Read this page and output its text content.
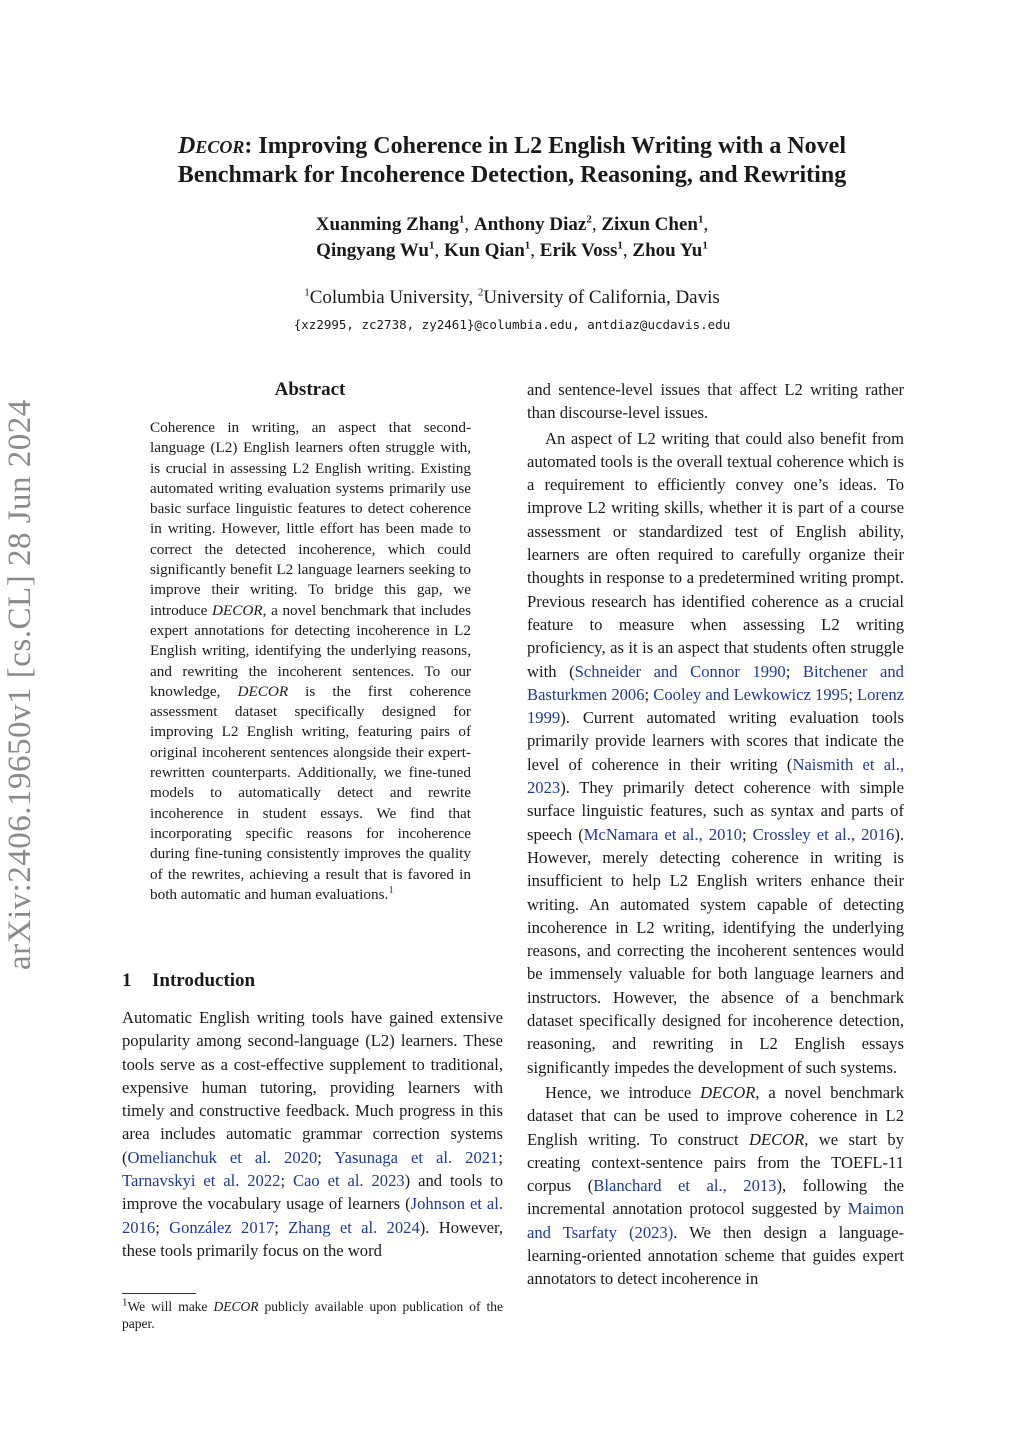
arXiv:2406.19650v1 [cs.CL] 28 Jun 2024
DECOR: Improving Coherence in L2 English Writing with a Novel
Benchmark for Incoherence Detection, Reasoning, and Rewriting
Xuanming Zhang$^1$, Anthony Diaz$^2$, Zixun Chen$^1$,
Qingyang Wu$^1$, Kun Qian$^1$, Erik Voss$^1$, Zhou Yu$^1$
$^1$Columbia University, $^2$University of California, Davis
{xz2995, zc2738, zy2461}@columbia.edu, antdiaz@ucdavis.edu
Abstract

Coherence in writing, an aspect that second-language (L2) English learners often struggle with, is crucial in assessing L2 English writing. Existing automated writing evaluation systems primarily use basic surface linguistic features to detect coherence in writing. However, little effort has been made to correct the detected incoherence, which could significantly benefit L2 language learners seeking to improve their writing. To bridge this gap, we introduce DECOR, a novel benchmark that includes expert annotations for detecting incoherence in L2 English writing, identifying the underlying reasons, and rewriting the incoherent sentences. To our knowledge, DECOR is the first coherence assessment dataset specifically designed for improving L2 English writing, featuring pairs of original incoherent sentences alongside their expert-rewritten counterparts. Additionally, we fine-tuned models to automatically detect and rewrite incoherence in student essays. We find that incorporating specific reasons for incoherence during fine-tuning consistently improves the quality of the rewrites, achieving a result that is favored in both automatic and human evaluations.$^1$

1 Introduction

Automatic English writing tools have gained extensive popularity among second-language (L2) learners. These tools serve as a cost-effective supplement to traditional, expensive human tutoring, providing learners with timely and constructive feedback. Much progress in this area includes automatic grammar correction systems (Omelianchuk et al. 2020; Yasunaga et al. 2021; Tarnavskyi et al. 2022; Cao et al. 2023) and tools to improve the vocabulary usage of learners (Johnson et al. 2016; González 2017; Zhang et al. 2024). However, these tools primarily focus on the word

$^1$We will make DECOR publicly available upon publication of the paper.

and sentence-level issues that affect L2 writing rather than discourse-level issues.

An aspect of L2 writing that could also benefit from automated tools is the overall textual coherence which is a requirement to efficiently convey one’s ideas. To improve L2 writing skills, whether it is part of a course assessment or standardized test of English ability, learners are often required to carefully organize their thoughts in response to a predetermined writing prompt. Previous research has identified coherence as a crucial feature to measure when assessing L2 writing proficiency, as it is an aspect that students often struggle with (Schneider and Connor 1990; Bitchener and Basturkmen 2006; Cooley and Lewkowicz 1995; Lorenz 1999). Current automated writing evaluation tools primarily provide learners with scores that indicate the level of coherence in their writing (Naismith et al., 2023). They primarily detect coherence with simple surface linguistic features, such as syntax and parts of speech (McNamara et al., 2010; Crossley et al., 2016). However, merely detecting coherence in writing is insufficient to help L2 English writers enhance their writing. An automated system capable of detecting incoherence in L2 writing, identifying the underlying reasons, and correcting the incoherent sentences would be immensely valuable for both language learners and instructors. However, the absence of a benchmark dataset specifically designed for incoherence detection, reasoning, and rewriting in L2 English essays significantly impedes the development of such systems.

Hence, we introduce DECOR, a novel benchmark dataset that can be used to improve coherence in L2 English writing. To construct DECOR, we start by creating context-sentence pairs from the TOEFL-11 corpus (Blanchard et al., 2013), following the incremental annotation protocol suggested by Maimon and Tsarfaty (2023). We then design a language-learning-oriented annotation scheme that guides expert annotators to detect incoherence in
